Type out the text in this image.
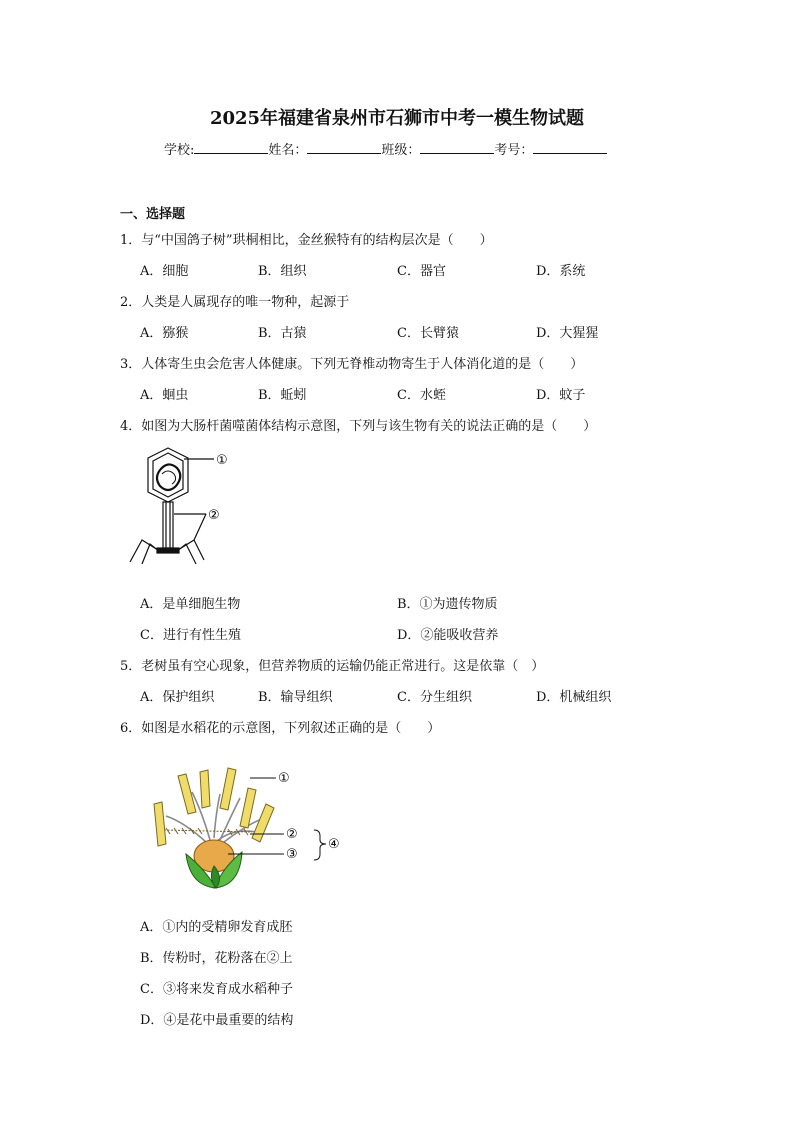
2025年福建省泉州市石狮市中考一模生物试题
学校:	姓名：	班级：	考号：
一、选择题
1．与“中国鸽子树”珙桐相比，金丝猴特有的结构层次是（　　）
A．细胞	B．组织	C．器官	D．系统
2．人类是人属现存的唯一物种，起源于
A．猕猴	B．古猿	C．长臂猿	D．大猩猩
3．人体寄生虫会危害人体健康。下列无脊椎动物寄生于人体消化道的是（　　）
A．蛔虫	B．蚯蚓	C．水蛭	D．蚊子
4．如图为大肠杆菌噬菌体结构示意图，下列与该生物有关的说法正确的是（　　）
①
②
A．是单细胞生物	B．①为遗传物质
C．进行有性生殖	D．②能吸收营养
5．老树虽有空心现象，但营养物质的运输仍能正常进行。这是依靠（　）
A．保护组织	B．输导组织	C．分生组织	D．机械组织
6．如图是水稻花的示意图，下列叙述正确的是（　　）
①
②
③
④
A．①内的受精卵发育成胚
B．传粉时，花粉落在②上
C．③将来发育成水稻种子
D．④是花中最重要的结构
